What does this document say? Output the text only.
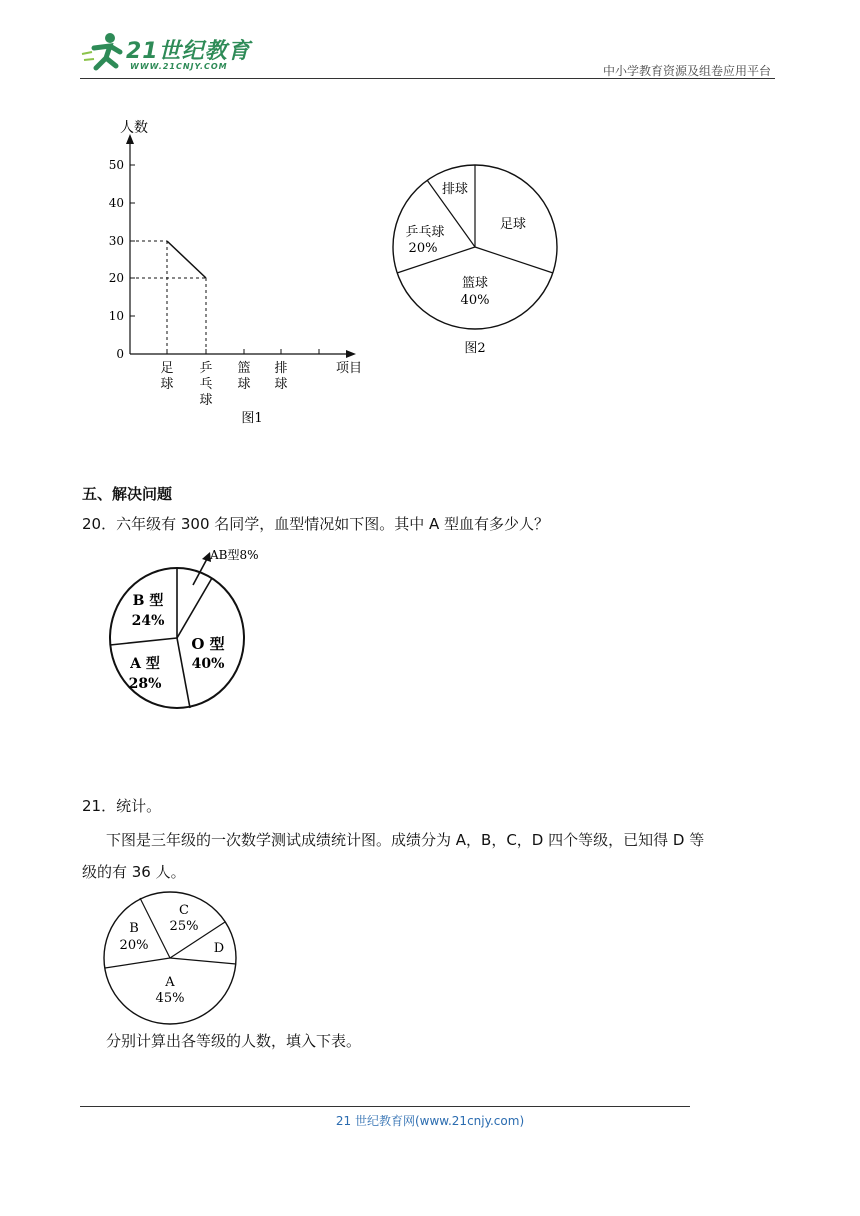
21世纪教育
WWW.21CNJY.COM	中小学教育资源及组卷应用平台
人数
项目
0
10
20
30
40
50
足
球
乒
乓
球
篮
球
排
球
图1
排球
足球
篮球
40%
乒乓球
20%
图2
五、解决问题
20．六年级有 300 名同学，血型情况如下图。其中 A 型血有多少人？
AB型8%
B 型
24%
O 型
40%
A 型
28%
21．统计。
下图是三年级的一次数学测试成绩统计图。成绩分为 A，B，C，D 四个等级，已知得 D 等
级的有 36 人。
C
25%
D
A
45%
B
20%
分别计算出各等级的人数，填入下表。
21 世纪教育网(www.21cnjy.com)
